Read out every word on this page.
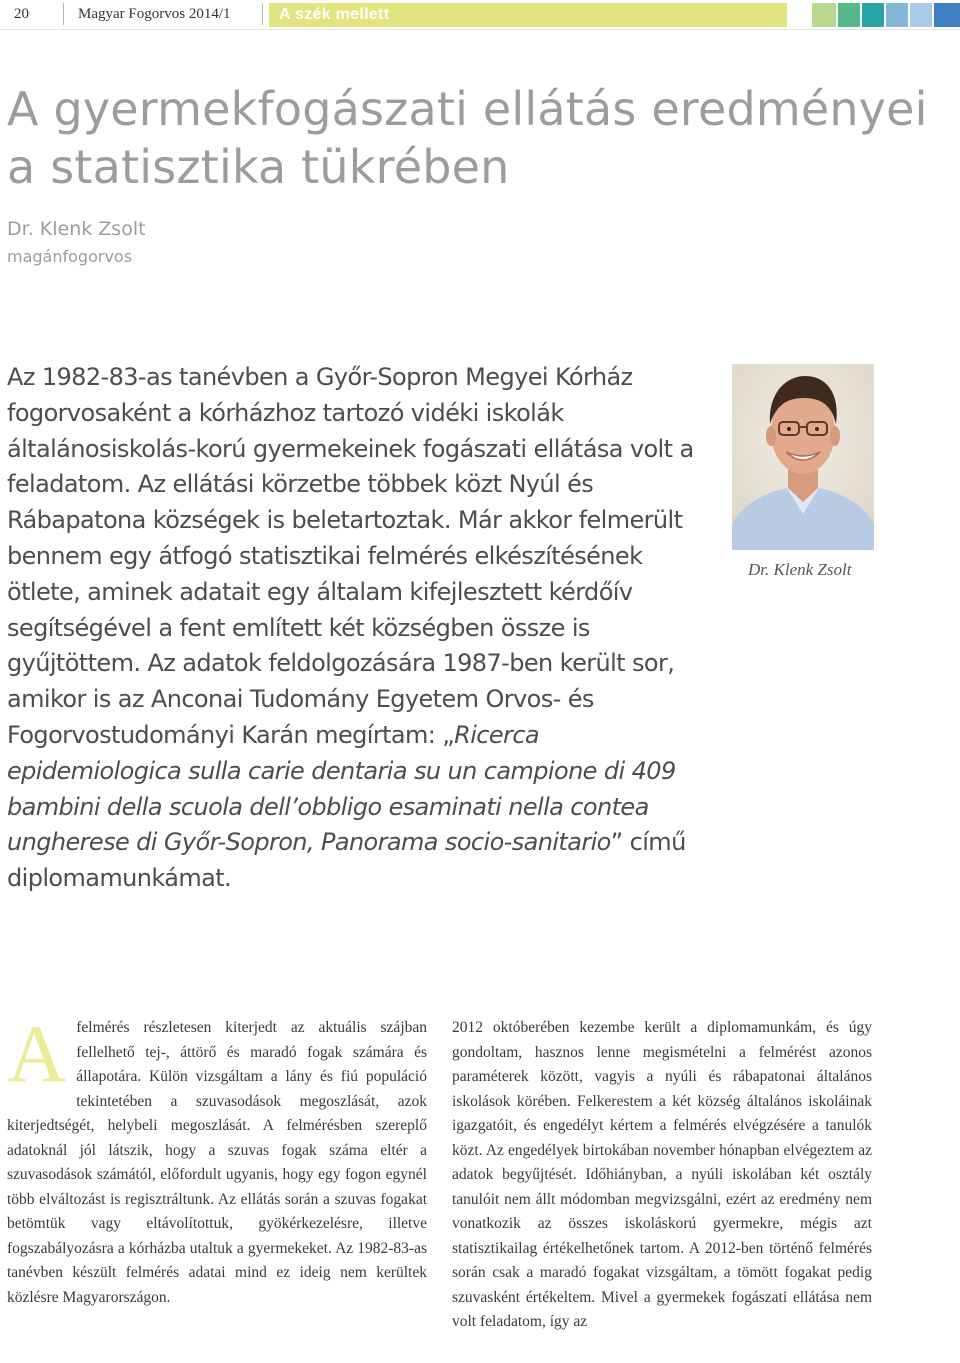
20	Magyar Fogorvos 2014/1	A szék mellett
A gyermekfogászati ellátás eredményei
a statisztika tükrében
Dr. Klenk Zsolt
magánfogorvos
Az 1982-83-as tanévben a Győr-Sopron Megyei Kórház fogorvosaként a kórházhoz tartozó vidéki iskolák általánosiskolás-korú gyermekeinek fogászati ellátása volt a feladatom. Az ellátási körzetbe többek közt Nyúl és Rábapatona községek is beletartoztak. Már akkor felmerült bennem egy átfogó statisztikai felmérés elkészítésének ötlete, aminek adatait egy általam kifejlesztett kérdőív segítségével a fent említett két községben össze is gyűjtöttem. Az adatok feldolgozására 1987-ben került sor, amikor is az Anconai Tudomány Egyetem Orvos- és Fogorvostudományi Karán megírtam: „Ricerca epidemiologica sulla carie dentaria su un campione di 409 bambini della scuola dell’obbligo esaminati nella contea ungherese di Győr-Sopron, Panorama socio-sanitario” című diplomamunkámat.
Dr. Klenk Zsolt
A felmérés részletesen kiterjedt az aktuális szájban fellelhető tej-, áttörő és maradó fogak számára és állapotára. Külön vizsgáltam a lány és fiú populáció tekintetében a szuvasodások megoszlását, azok kiterjedtségét, helybeli megoszlását. A felmérésben szereplő adatoknál jól látszik, hogy a szuvas fogak száma eltér a szuvasodások számától, előfordult ugyanis, hogy egy fogon egynél több elváltozást is regisztráltunk. Az ellátás során a szuvas fogakat betömtük vagy eltávolítottuk, gyökérkezelésre, illetve fogszabályozásra a kórházba utaltuk a gyermekeket. Az 1982-83-as tanévben készült felmérés adatai mind ez ideig nem kerültek közlésre Magyarországon.

2012 októberében kezembe került a diplomamunkám, és úgy gondoltam, hasznos lenne megismételni a felmérést azonos paraméterek között, vagyis a nyúli és rábapatonai általános iskolások körében. Felkerestem a két község általános iskoláinak igazgatóit, és engedélyt kértem a felmérés elvégzésére a tanulók közt. Az engedélyek birtokában november hónapban elvégeztem az adatok begyűjtését. Időhiányban, a nyúli iskolában két osztály tanulóit nem állt módomban megvizsgálni, ezért az eredmény nem vonatkozik az összes iskoláskorú gyermekre, mégis azt statisztikailag értékelhetőnek tartom. A 2012-ben történő felmérés során csak a maradó fogakat vizsgáltam, a tömött fogakat pedig szuvasként értékeltem. Mivel a gyermekek fogászati ellátása nem volt feladatom, így az
